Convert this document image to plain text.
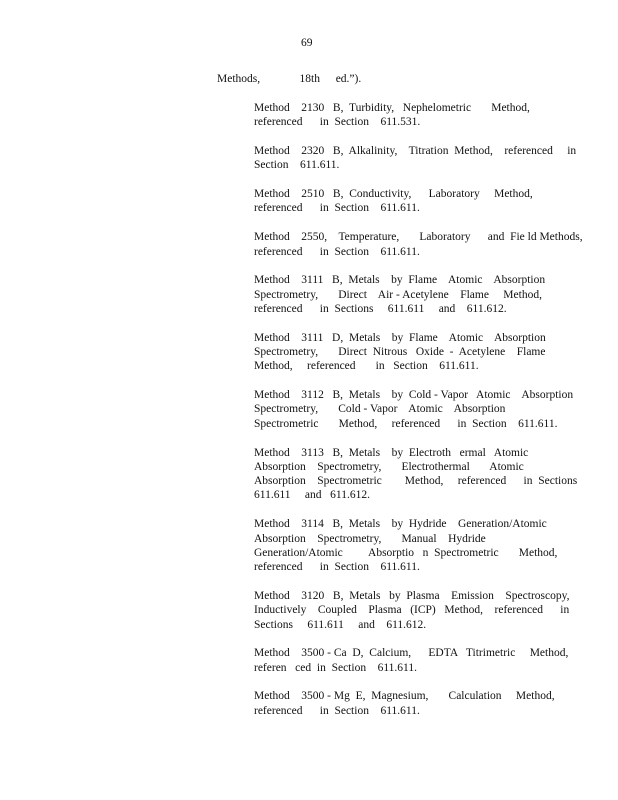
69
Methods,     18th  ed.”).
Method    2130   B,  Turbidity,   Nephelometric       Method,
referenced      in  Section    611.531.
Method    2320   B,  Alkalinity,    Titration  Method,    referenced     in
Section    611.611.
Method    2510   B,  Conductivity,      Laboratory     Method,
referenced      in  Section    611.611.
Method    2550,    Temperature,       Laboratory      and  Fie ld Methods,
referenced      in  Section    611.611.
Method    3111   B,  Metals    by  Flame    Atomic    Absorption
Spectrometry,       Direct    Air - Acetylene    Flame     Method,
referenced      in  Sections     611.611     and    611.612.
Method    3111   D,  Metals    by  Flame    Atomic    Absorption
Spectrometry,       Direct  Nitrous   Oxide  -  Acetylene    Flame
Method,     referenced       in   Section    611.611.
Method    3112   B,  Metals    by  Cold - Vapor   Atomic    Absorption
Spectrometry,       Cold - Vapor    Atomic    Absorption
Spectrometric       Method,     referenced      in  Section    611.611.
Method    3113   B,  Metals    by  Electroth   ermal   Atomic
Absorption    Spectrometry,       Electrothermal       Atomic
Absorption    Spectrometric        Method,     referenced      in  Sections
611.611     and   611.612.
Method    3114   B,  Metals    by  Hydride    Generation/Atomic
Absorption    Spectrometry,       Manual    Hydride
Generation/Atomic         Absorptio   n  Spectrometric       Method,
referenced      in  Section    611.611.
Method    3120   B,  Metals   by  Plasma    Emission    Spectroscopy,
Inductively    Coupled    Plasma   (ICP)   Method,    referenced      in
Sections     611.611     and    611.612.
Method    3500 - Ca  D,  Calcium,      EDTA   Titrimetric     Method,
referen   ced  in  Section    611.611.
Method    3500 - Mg  E,  Magnesium,       Calculation     Method,
referenced      in  Section    611.611.
